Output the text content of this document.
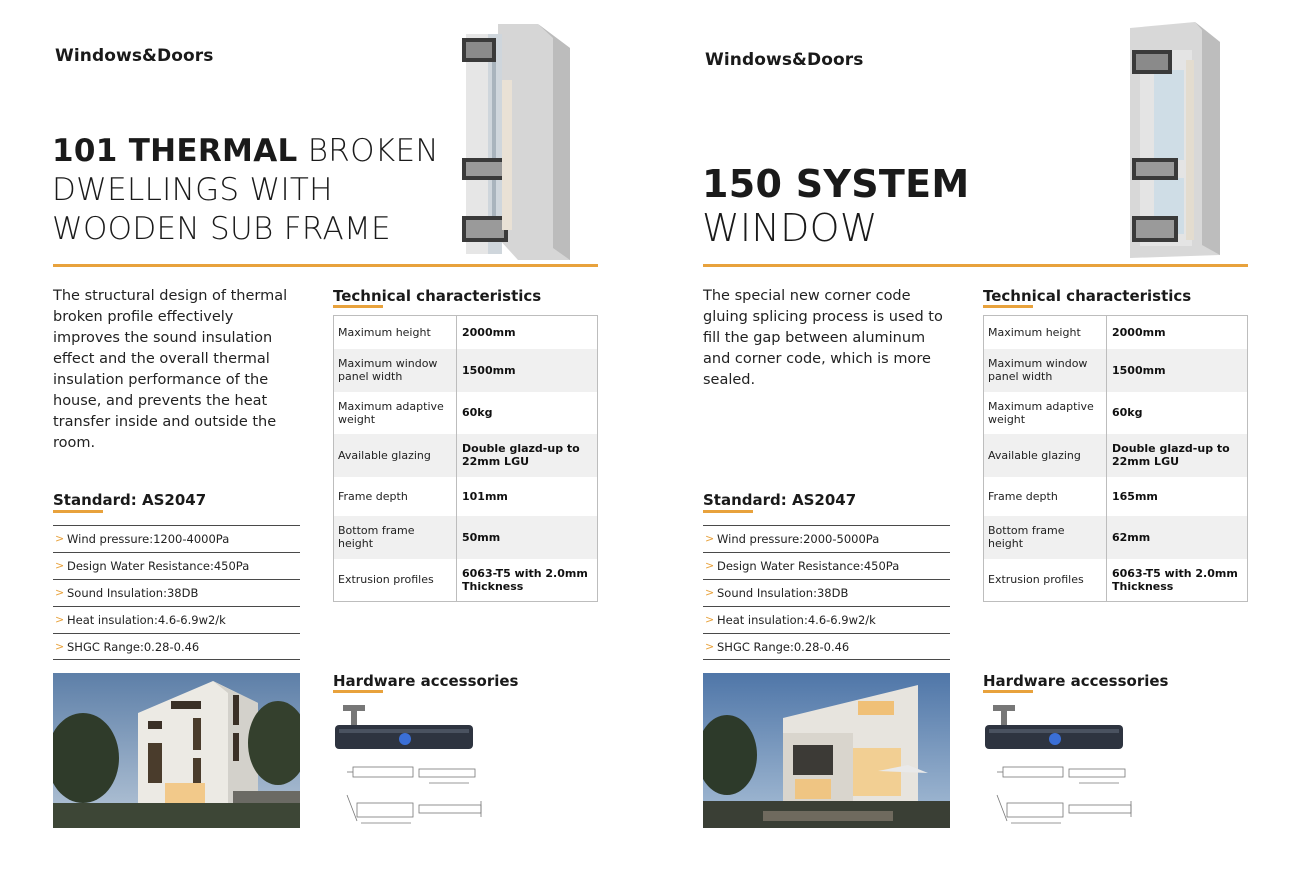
Windows&Doors
101 THERMAL BROKEN DWELLINGS WITH WOODEN SUB FRAME
The structural design of thermal broken profile effectively improves the sound insulation effect and the overall thermal insulation performance of the house, and prevents the heat transfer inside and outside the room.
Standard: AS2047
> Wind pressure:1200-4000Pa
> Design Water Resistance:450Pa
> Sound Insulation:38DB
> Heat insulation:4.6-6.9w2/k
> SHGC Range:0.28-0.46
Technical characteristics
Maximum height	2000mm
Maximum window panel width	1500mm
Maximum adaptive weight	60kg
Available glazing	Double glazd-up to 22mm LGU
Frame depth	101mm
Bottom frame height	50mm
Extrusion profiles	6063-T5 with 2.0mm Thickness
Hardware accessories
Windows&Doors
150 SYSTEM
WINDOW
The special new corner code gluing splicing process is used to fill the gap between aluminum and corner code, which is more sealed.
Standard: AS2047
> Wind pressure:2000-5000Pa
> Design Water Resistance:450Pa
> Sound Insulation:38DB
> Heat insulation:4.6-6.9w2/k
> SHGC Range:0.28-0.46
Technical characteristics
Maximum height	2000mm
Maximum window panel width	1500mm
Maximum adaptive weight	60kg
Available glazing	Double glazd-up to 22mm LGU
Frame depth	165mm
Bottom frame height	62mm
Extrusion profiles	6063-T5 with 2.0mm Thickness
Hardware accessories
